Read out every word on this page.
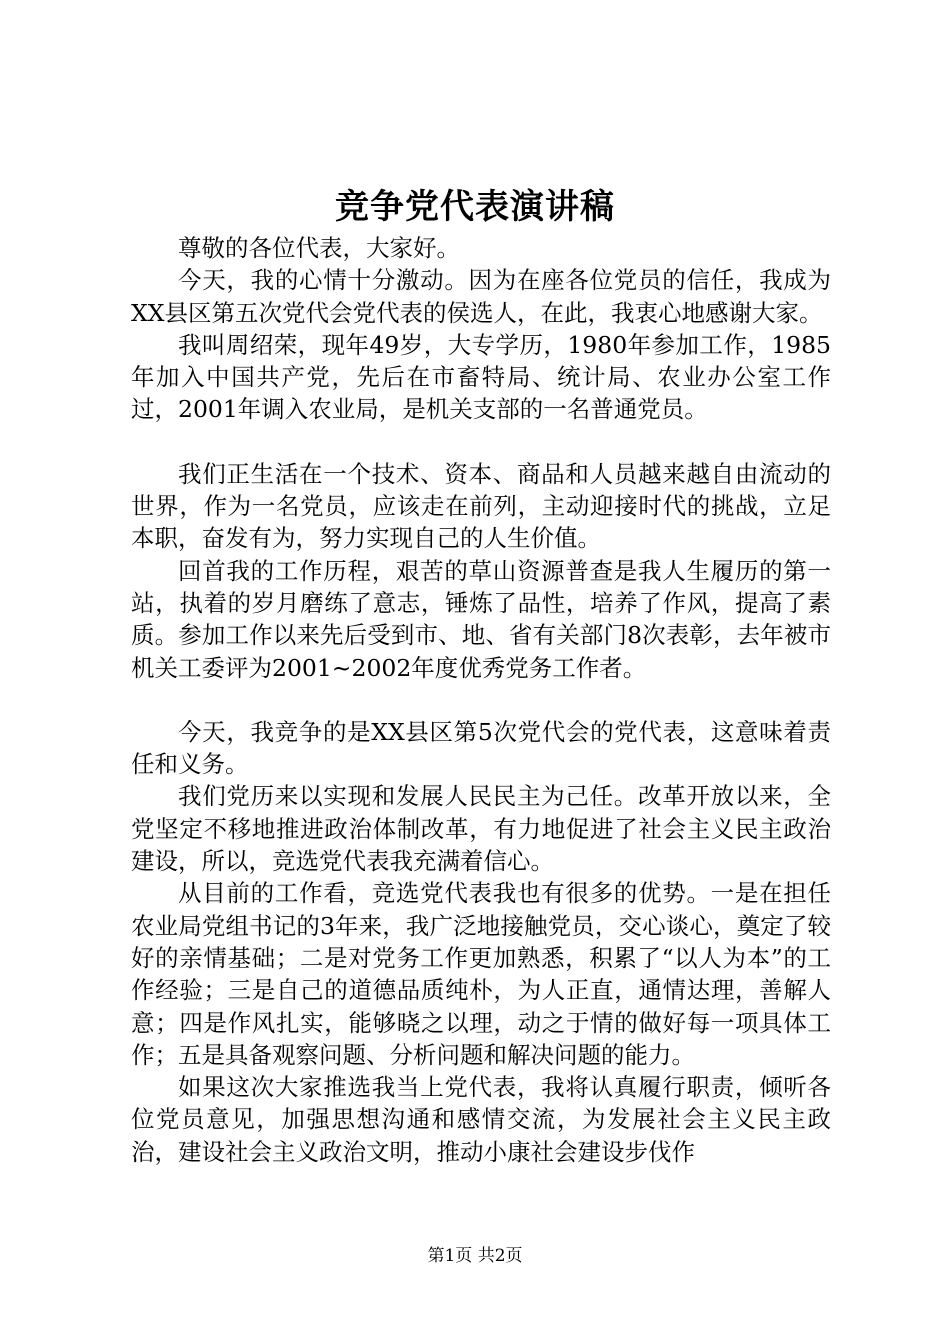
竞争党代表演讲稿

尊敬的各位代表，大家好。

今天，我的心情十分激动。因为在座各位党员的信任，我成为XX县区第五次党代会党代表的侯选人，在此，我衷心地感谢大家。

我叫周绍荣，现年49岁，大专学历，1980年参加工作，1985年加入中国共产党，先后在市畜特局、统计局、农业办公室工作过，2001年调入农业局，是机关支部的一名普通党员。

我们正生活在一个技术、资本、商品和人员越来越自由流动的世界，作为一名党员，应该走在前列，主动迎接时代的挑战，立足本职，奋发有为，努力实现自己的人生价值。

回首我的工作历程，艰苦的草山资源普查是我人生履历的第一站，执着的岁月磨练了意志，锤炼了品性，培养了作风，提高了素质。参加工作以来先后受到市、地、省有关部门8次表彰，去年被市机关工委评为2001~2002年度优秀党务工作者。

今天，我竞争的是XX县区第5次党代会的党代表，这意味着责任和义务。

我们党历来以实现和发展人民民主为己任。改革开放以来，全党坚定不移地推进政治体制改革，有力地促进了社会主义民主政治建设，所以，竞选党代表我充满着信心。

从目前的工作看，竞选党代表我也有很多的优势。一是在担任农业局党组书记的3年来，我广泛地接触党员，交心谈心，奠定了较好的亲情基础；二是对党务工作更加熟悉，积累了“以人为本”的工作经验；三是自己的道德品质纯朴，为人正直，通情达理，善解人意；四是作风扎实，能够晓之以理，动之于情的做好每一项具体工作；五是具备观察问题、分析问题和解决问题的能力。

如果这次大家推选我当上党代表，我将认真履行职责，倾听各位党员意见，加强思想沟通和感情交流，为发展社会主义民主政治，建设社会主义政治文明，推动小康社会建设步伐作

第1页 共2页
